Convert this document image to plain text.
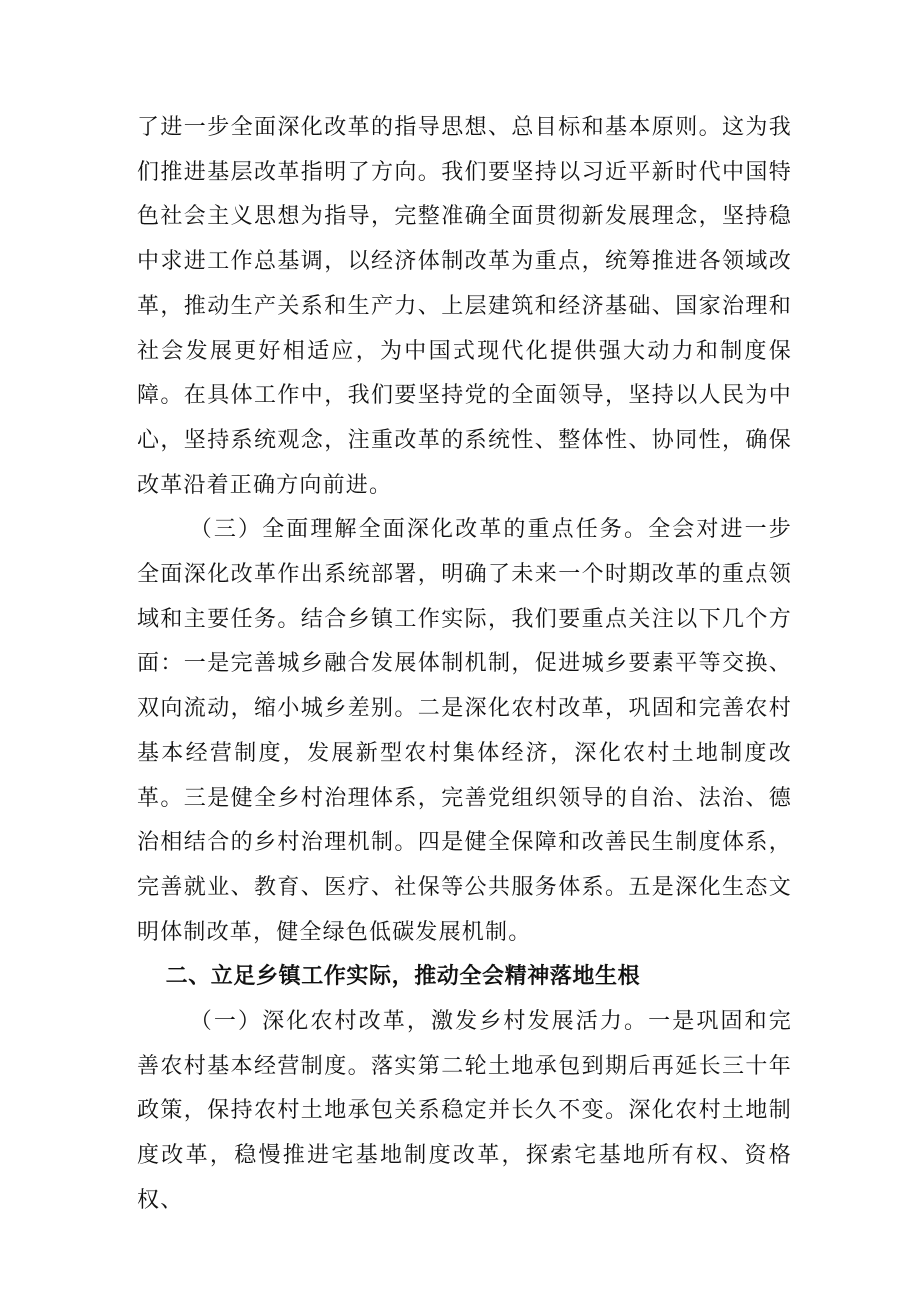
了进一步全面深化改革的指导思想、总目标和基本原则。这为我们推进基层改革指明了方向。我们要坚持以习近平新时代中国特色社会主义思想为指导，完整准确全面贯彻新发展理念，坚持稳中求进工作总基调，以经济体制改革为重点，统筹推进各领域改革，推动生产关系和生产力、上层建筑和经济基础、国家治理和社会发展更好相适应，为中国式现代化提供强大动力和制度保障。在具体工作中，我们要坚持党的全面领导，坚持以人民为中心，坚持系统观念，注重改革的系统性、整体性、协同性，确保改革沿着正确方向前进。

（三）全面理解全面深化改革的重点任务。全会对进一步全面深化改革作出系统部署，明确了未来一个时期改革的重点领域和主要任务。结合乡镇工作实际，我们要重点关注以下几个方面：一是完善城乡融合发展体制机制，促进城乡要素平等交换、双向流动，缩小城乡差别。二是深化农村改革，巩固和完善农村基本经营制度，发展新型农村集体经济，深化农村土地制度改革。三是健全乡村治理体系，完善党组织领导的自治、法治、德治相结合的乡村治理机制。四是健全保障和改善民生制度体系，完善就业、教育、医疗、社保等公共服务体系。五是深化生态文明体制改革，健全绿色低碳发展机制。

二、立足乡镇工作实际，推动全会精神落地生根

（一）深化农村改革，激发乡村发展活力。一是巩固和完善农村基本经营制度。落实第二轮土地承包到期后再延长三十年政策，保持农村土地承包关系稳定并长久不变。深化农村土地制度改革，稳慢推进宅基地制度改革，探索宅基地所有权、资格权、
